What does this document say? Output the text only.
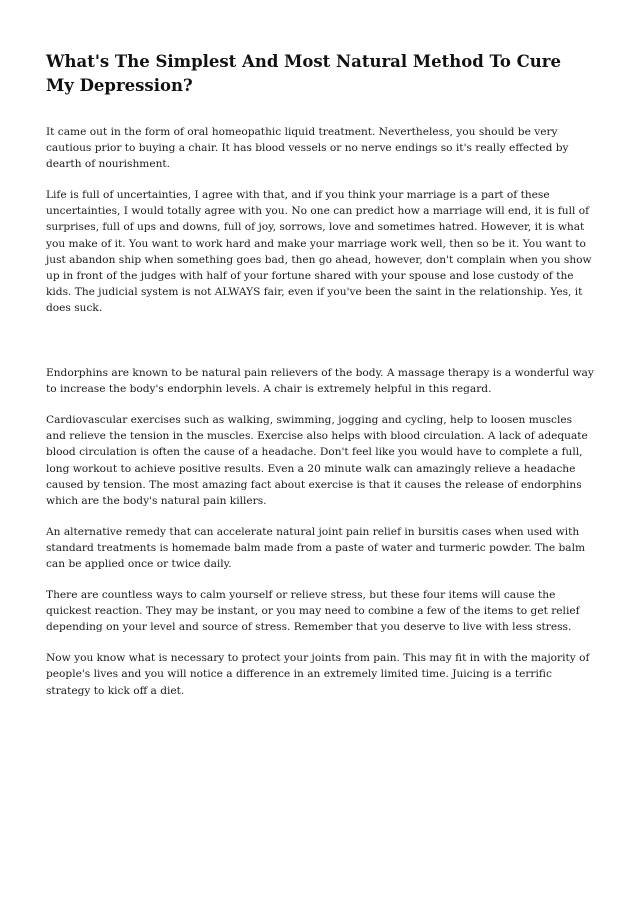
What's The Simplest And Most Natural Method To Cure My Depression?

It came out in the form of oral homeopathic liquid treatment. Nevertheless, you should be very cautious prior to buying a chair. It has blood vessels or no nerve endings so it's really effected by dearth of nourishment.

Life is full of uncertainties, I agree with that, and if you think your marriage is a part of these uncertainties, I would totally agree with you. No one can predict how a marriage will end, it is full of surprises, full of ups and downs, full of joy, sorrows, love and sometimes hatred. However, it is what you make of it. You want to work hard and make your marriage work well, then so be it. You want to just abandon ship when something goes bad, then go ahead, however, don't complain when you show up in front of the judges with half of your fortune shared with your spouse and lose custody of the kids. The judicial system is not ALWAYS fair, even if you've been the saint in the relationship. Yes, it does suck.

Endorphins are known to be natural pain relievers of the body. A massage therapy is a wonderful way to increase the body's endorphin levels. A chair is extremely helpful in this regard.

Cardiovascular exercises such as walking, swimming, jogging and cycling, help to loosen muscles and relieve the tension in the muscles. Exercise also helps with blood circulation. A lack of adequate blood circulation is often the cause of a headache. Don't feel like you would have to complete a full, long workout to achieve positive results. Even a 20 minute walk can amazingly relieve a headache caused by tension. The most amazing fact about exercise is that it causes the release of endorphins which are the body's natural pain killers.

An alternative remedy that can accelerate natural joint pain relief in bursitis cases when used with standard treatments is homemade balm made from a paste of water and turmeric powder. The balm can be applied once or twice daily.

There are countless ways to calm yourself or relieve stress, but these four items will cause the quickest reaction. They may be instant, or you may need to combine a few of the items to get relief depending on your level and source of stress. Remember that you deserve to live with less stress.

Now you know what is necessary to protect your joints from pain. This may fit in with the majority of people's lives and you will notice a difference in an extremely limited time. Juicing is a terrific strategy to kick off a diet.
